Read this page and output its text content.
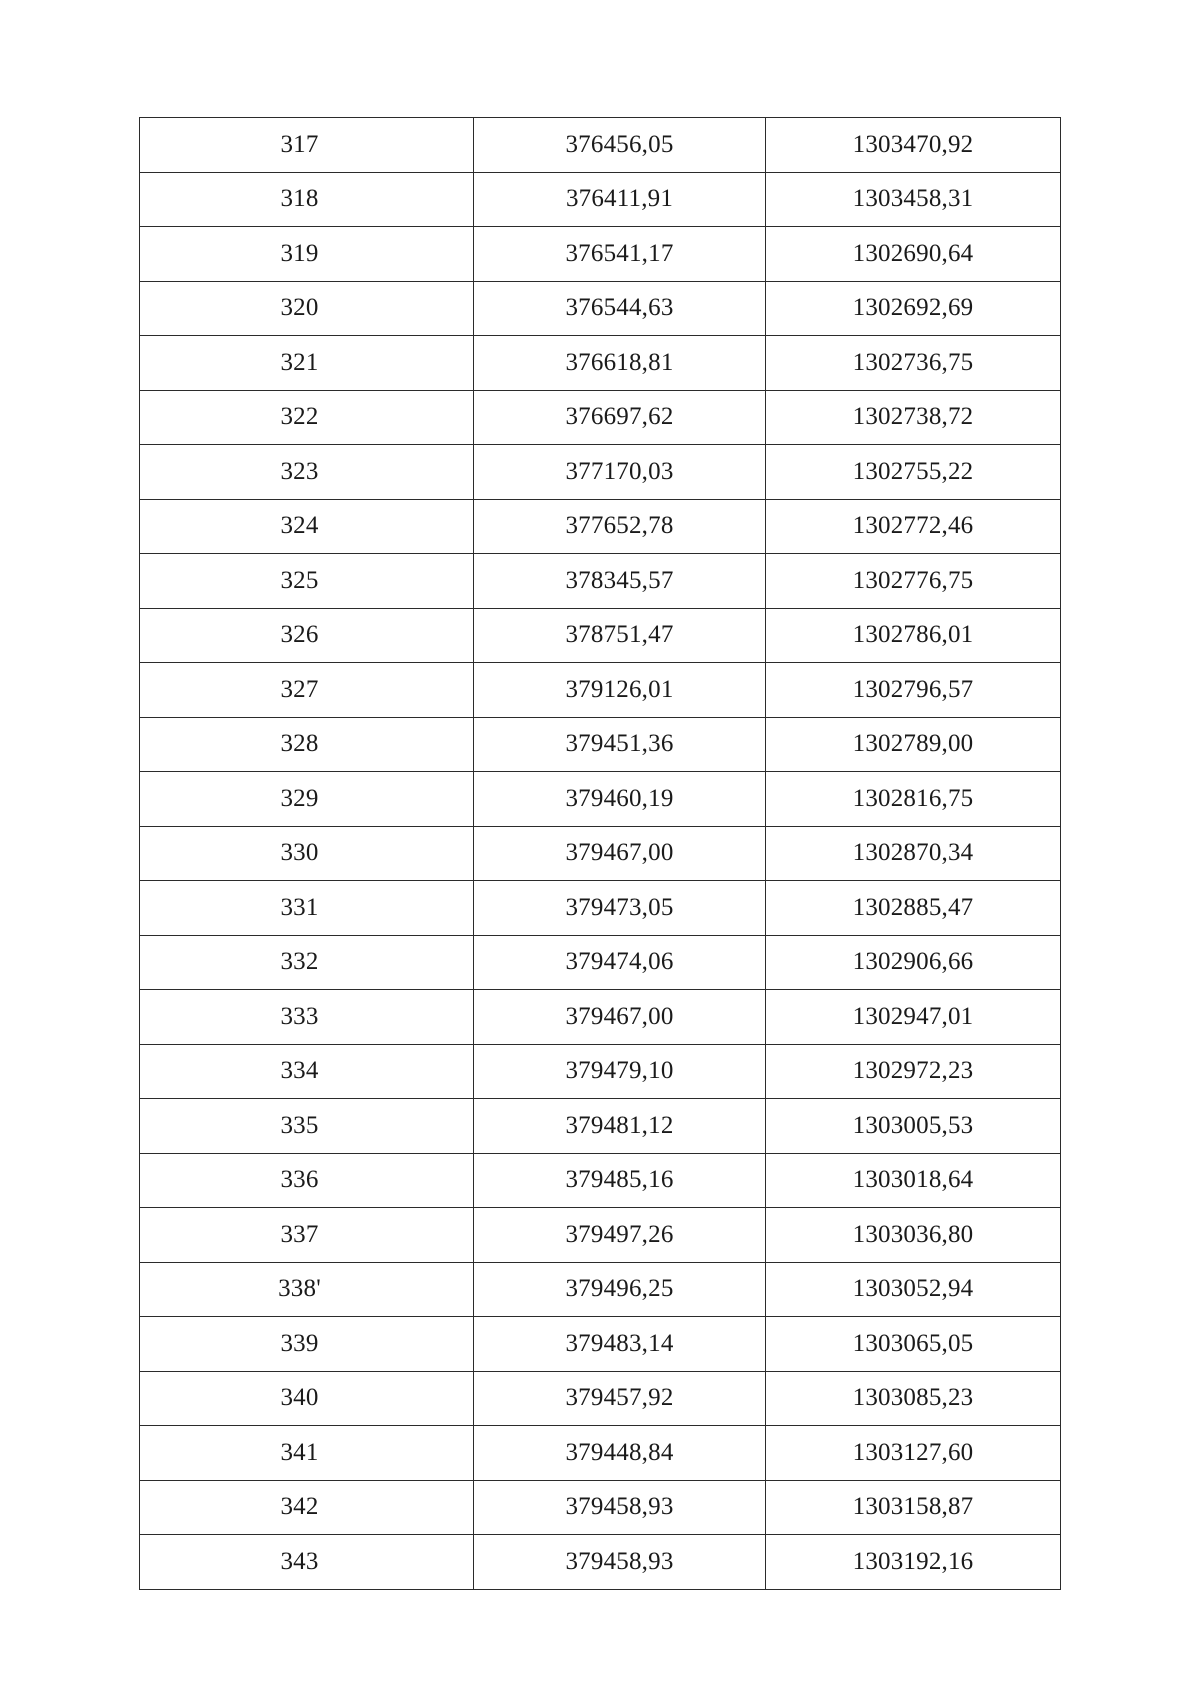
317	376456,05	1303470,92
318	376411,91	1303458,31
319	376541,17	1302690,64
320	376544,63	1302692,69
321	376618,81	1302736,75
322	376697,62	1302738,72
323	377170,03	1302755,22
324	377652,78	1302772,46
325	378345,57	1302776,75
326	378751,47	1302786,01
327	379126,01	1302796,57
328	379451,36	1302789,00
329	379460,19	1302816,75
330	379467,00	1302870,34
331	379473,05	1302885,47
332	379474,06	1302906,66
333	379467,00	1302947,01
334	379479,10	1302972,23
335	379481,12	1303005,53
336	379485,16	1303018,64
337	379497,26	1303036,80
338'	379496,25	1303052,94
339	379483,14	1303065,05
340	379457,92	1303085,23
341	379448,84	1303127,60
342	379458,93	1303158,87
343	379458,93	1303192,16
